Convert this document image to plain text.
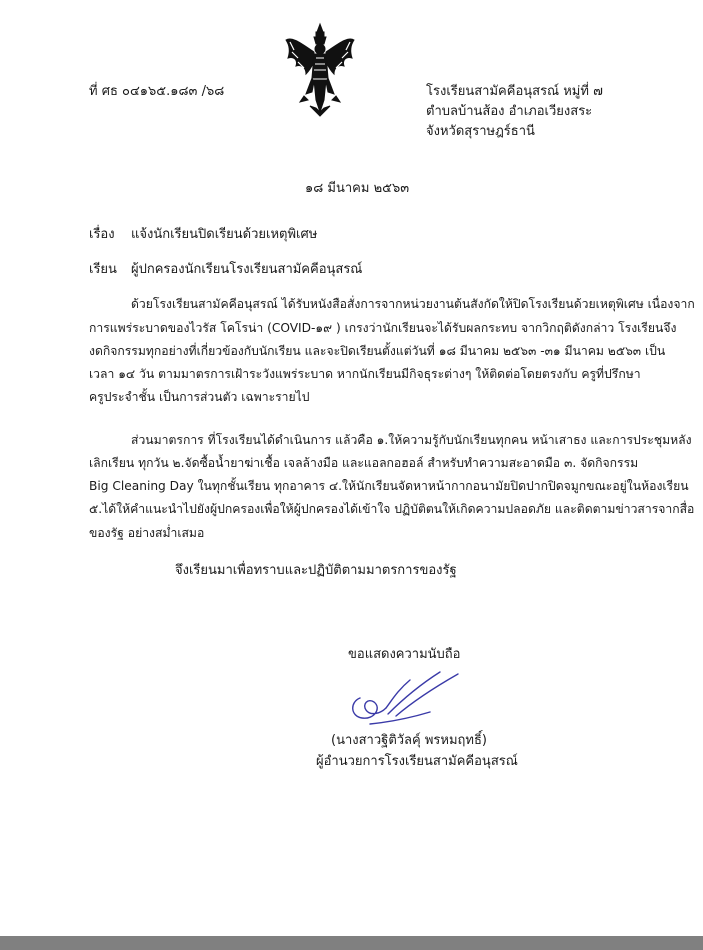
ที่ ศธ ๐๔๑๖๕.๑๘๓ /๖๘	โรงเรียนสามัคคีอนุสรณ์ หมู่ที่ ๗
ตำบลบ้านส้อง อำเภอเวียงสระ
จังหวัดสุราษฎร์ธานี
๑๘ มีนาคม ๒๕๖๓
เรื่อง แจ้งนักเรียนปิดเรียนด้วยเหตุพิเศษ
เรียน ผู้ปกครองนักเรียนโรงเรียนสามัคคีอนุสรณ์
ด้วยโรงเรียนสามัคคีอนุสรณ์ ได้รับหนังสือสั่งการจากหน่วยงานต้นสังกัดให้ปิดโรงเรียนด้วยเหตุพิเศษ เนื่องจาก
การแพร่ระบาดของไวรัส โคโรน่า (COVID-๑๙ ) เกรงว่านักเรียนจะได้รับผลกระทบ จากวิกฤติดังกล่าว โรงเรียนจึง
งดกิจกรรมทุกอย่างที่เกี่ยวข้องกับนักเรียน และจะปิดเรียนตั้งแต่วันที่ ๑๘ มีนาคม ๒๕๖๓ -๓๑ มีนาคม ๒๕๖๓ เป็น
เวลา ๑๔ วัน ตามมาตรการเฝ้าระวังแพร่ระบาด หากนักเรียนมีกิจธุระต่างๆ ให้ติดต่อโดยตรงกับ ครูที่ปรึกษา
ครูประจำชั้น เป็นการส่วนตัว เฉพาะรายไป
ส่วนมาตรการ ที่โรงเรียนได้ดำเนินการ แล้วคือ ๑.ให้ความรู้กับนักเรียนทุกคน หน้าเสาธง และการประชุมหลัง
เลิกเรียน ทุกวัน ๒.จัดซื้อน้ำยาฆ่าเชื้อ เจลล้างมือ และแอลกอฮอล์ สำหรับทำความสะอาดมือ ๓. จัดกิจกรรม
Big Cleaning Day ในทุกชั้นเรียน ทุกอาคาร ๔.ให้นักเรียนจัดหาหน้ากากอนามัยปิดปากปิดจมูกขณะอยู่ในห้องเรียน
๕.ได้ให้คำแนะนำไปยังผู้ปกครองเพื่อให้ผู้ปกครองได้เข้าใจ ปฏิบัติตนให้เกิดความปลอดภัย และติดตามข่าวสารจากสื่อ
ของรัฐ อย่างสม่ำเสมอ
จึงเรียนมาเพื่อทราบและปฏิบัติตามมาตรการของรัฐ
ขอแสดงความนับถือ
(นางสาวฐิติวัลคุ์ พรหมฤทธิ์)
ผู้อำนวยการโรงเรียนสามัคคีอนุสรณ์
